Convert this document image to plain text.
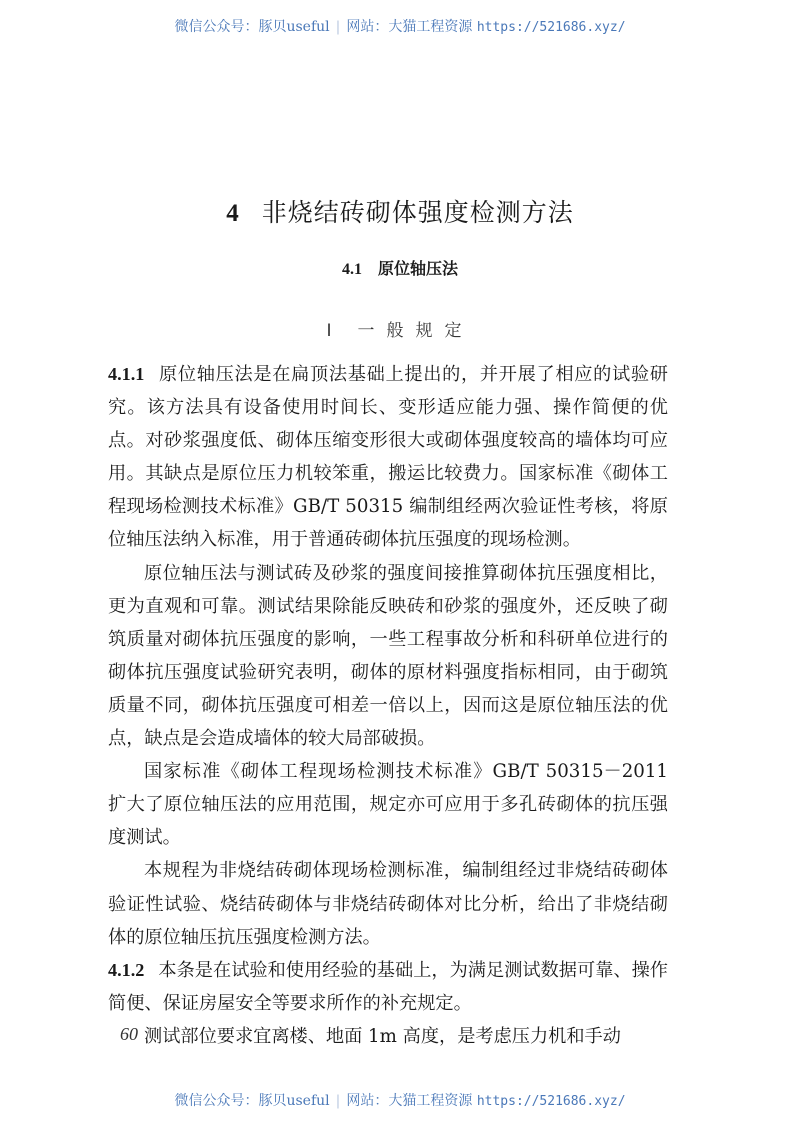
微信公众号：豚贝useful | 网站：大猫工程资源 https://521686.xyz/
4 非烧结砖砌体强度检测方法
4.1 原位轴压法
Ⅰ 一般规定

4.1.1 原位轴压法是在扁顶法基础上提出的，并开展了相应的试验研究。该方法具有设备使用时间长、变形适应能力强、操作简便的优点。对砂浆强度低、砌体压缩变形很大或砌体强度较高的墙体均可应用。其缺点是原位压力机较笨重，搬运比较费力。国家标准《砌体工程现场检测技术标准》GB/T 50315 编制组经两次验证性考核，将原位轴压法纳入标准，用于普通砖砌体抗压强度的现场检测。

原位轴压法与测试砖及砂浆的强度间接推算砌体抗压强度相比，更为直观和可靠。测试结果除能反映砖和砂浆的强度外，还反映了砌筑质量对砌体抗压强度的影响，一些工程事故分析和科研单位进行的砌体抗压强度试验研究表明，砌体的原材料强度指标相同，由于砌筑质量不同，砌体抗压强度可相差一倍以上，因而这是原位轴压法的优点，缺点是会造成墙体的较大局部破损。

国家标准《砌体工程现场检测技术标准》GB/T 50315－2011 扩大了原位轴压法的应用范围，规定亦可应用于多孔砖砌体的抗压强度测试。

本规程为非烧结砖砌体现场检测标准，编制组经过非烧结砖砌体验证性试验、烧结砖砌体与非烧结砖砌体对比分析，给出了非烧结砌体的原位轴压抗压强度检测方法。

4.1.2 本条是在试验和使用经验的基础上，为满足测试数据可靠、操作简便、保证房屋安全等要求所作的补充规定。

测试部位要求宜离楼、地面 1m 高度，是考虑压力机和手动

60
微信公众号：豚贝useful | 网站：大猫工程资源 https://521686.xyz/
